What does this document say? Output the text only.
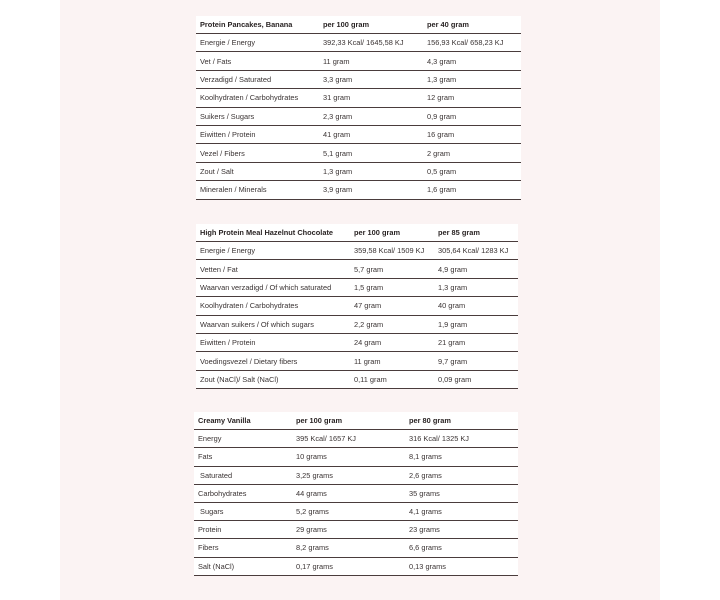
Protein Pancakes, Banana	per 100 gram	per 40 gram
Energie / Energy	392,33 Kcal/ 1645,58 KJ	156,93 Kcal/ 658,23 KJ
Vet / Fats	11 gram	4,3 gram
Verzadigd / Saturated	3,3 gram	1,3 gram
Koolhydraten / Carbohydrates	31 gram	12 gram
Suikers / Sugars	2,3 gram	0,9 gram
Eiwitten / Protein	41 gram	16 gram
Vezel / Fibers	5,1 gram	2 gram
Zout / Salt	1,3 gram	0,5 gram
Mineralen / Minerals	3,9 gram	1,6 gram
High Protein Meal Hazelnut Chocolate	per 100 gram	per 85 gram
Energie / Energy	359,58 Kcal/ 1509 KJ	305,64 Kcal/ 1283 KJ
Vetten / Fat	5,7 gram	4,9 gram
Waarvan verzadigd / Of which saturated	1,5 gram	1,3 gram
Koolhydraten / Carbohydrates	47 gram	40 gram
Waarvan suikers / Of which sugars	2,2 gram	1,9 gram
Eiwitten / Protein	24 gram	21 gram
Voedingsvezel / Dietary fibers	11 gram	9,7 gram
Zout (NaCl)/ Salt (NaCl)	0,11 gram	0,09 gram
Creamy Vanilla	per 100 gram	per 80 gram
Energy	395 Kcal/ 1657 KJ	316 Kcal/ 1325 KJ
Fats	10 grams	8,1 grams
Saturated	3,25 grams	2,6 grams
Carbohydrates	44 grams	35 grams
Sugars	5,2 grams	4,1 grams
Protein	29 grams	23 grams
Fibers	8,2 grams	6,6 grams
Salt (NaCl)	0,17 grams	0,13 grams
